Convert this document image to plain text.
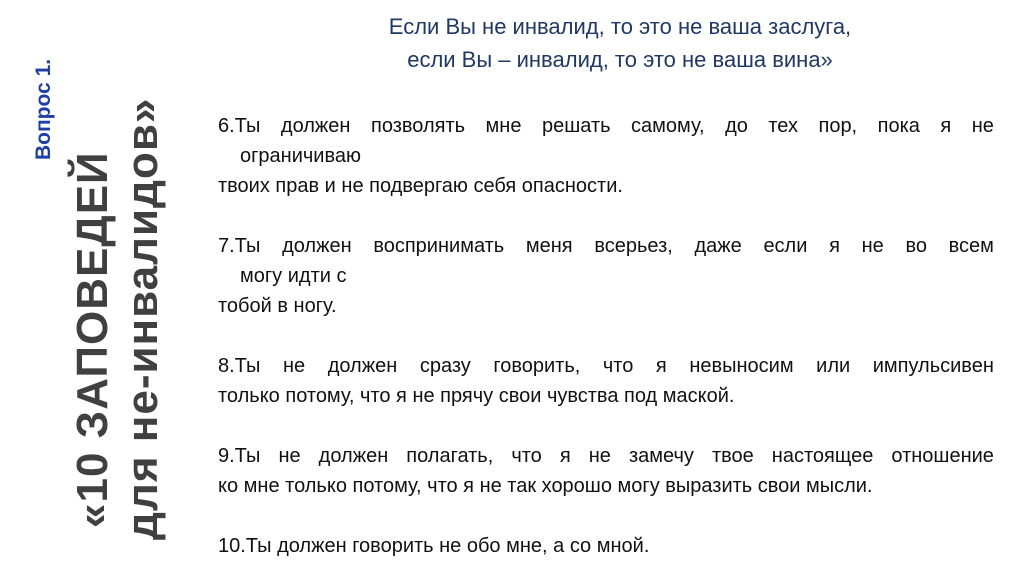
Вопрос 1.
«10 ЗАПОВЕДЕЙ для не-инвалидов»
Если Вы не инвалид, то это не ваша заслуга,
если Вы – инвалид, то это не ваша вина»
6.Ты должен позволять мне решать самому, до тех пор, пока я не
ограничиваю
твоих прав и не подвергаю себя опасности.
7.Ты должен воспринимать меня всерьез, даже если я не во всем
могу идти с
тобой в ногу.
8.Ты не должен сразу говорить, что я невыносим или импульсивен
только потому, что я не прячу свои чувства под маской.
9.Ты не должен полагать, что я не замечу твое настоящее отношение
ко мне только потому, что я не так хорошо могу выразить свои мысли.
10.Ты должен говорить не обо мне, а со мной.
